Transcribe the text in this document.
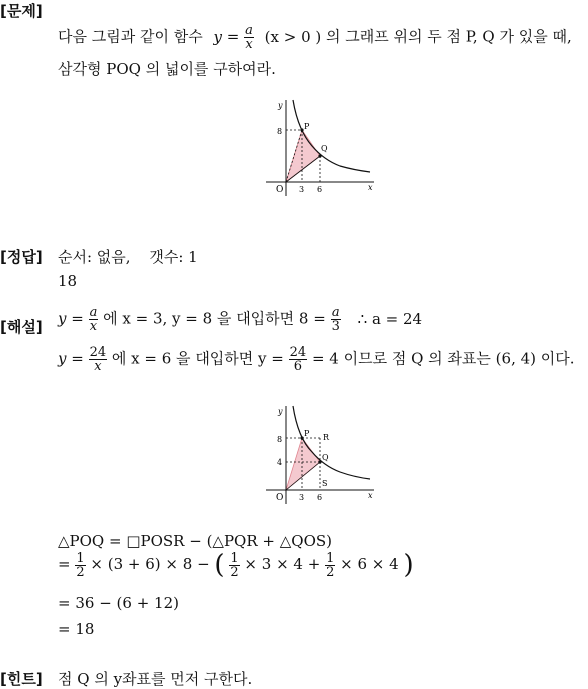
[문제]
다음 그림과 같이 함수 $y = \frac{a}{x} (x > 0$ ) 의 그래프 위의 두 점 P, Q 가 있을 때,
삼각형 POQ 의 넓이를 구하여라.
y
x
O
8
3 6
P
Q
[정답] 순서: 없음, 갯수: 1
18
[해설] $y = \frac{a}{x}$ 에 x = 3, y = 8 을 대입하면 $8 = \frac{a}{3}$ ∴ a = 24
$y = \frac{24}{x}$ 에 x = 6 을 대입하면 $y = \frac{24}{6} = 4$ 이므로 점 Q 의 좌표는 (6, 4) 이다.
y
x
O
8
4
3 6
P R
Q
S
△POQ = □POSR − (△PQR + △QOS)
= $\frac{1}{2} \times (3 + 6) \times 8$ − ( $\frac{1}{2} \times 3 \times 4 + \frac{1}{2} \times 6 \times 4$ )
= 36 − (6 + 12)
= 18
[힌트] 점 Q 의 y좌표를 먼저 구한다.
